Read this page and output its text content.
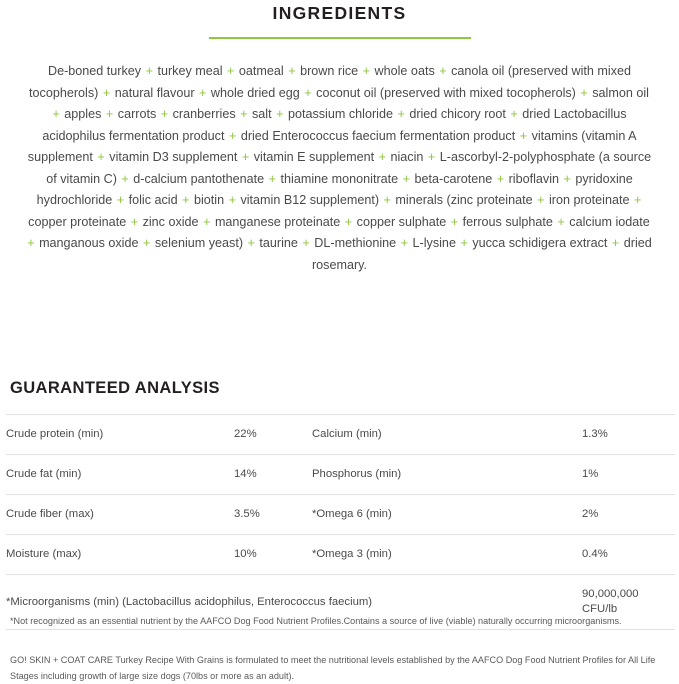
INGREDIENTS

De-boned turkey + turkey meal + oatmeal + brown rice + whole oats + canola oil (preserved with mixed tocopherols) + natural flavour + whole dried egg + coconut oil (preserved with mixed tocopherols) + salmon oil + apples + carrots + cranberries + salt + potassium chloride + dried chicory root + dried Lactobacillus acidophilus fermentation product + dried Enterococcus faecium fermentation product + vitamins (vitamin A supplement + vitamin D3 supplement + vitamin E supplement + niacin + L-ascorbyl-2-polyphosphate (a source of vitamin C) + d-calcium pantothenate + thiamine mononitrate + beta-carotene + riboflavin + pyridoxine hydrochloride + folic acid + biotin + vitamin B12 supplement) + minerals (zinc proteinate + iron proteinate + copper proteinate + zinc oxide + manganese proteinate + copper sulphate + ferrous sulphate + calcium iodate + manganous oxide + selenium yeast) + taurine + DL-methionine + L-lysine + yucca schidigera extract + dried rosemary.

GUARANTEED ANALYSIS
Crude protein (min)	22%	Calcium (min)	1.3%
Crude fat (min)	14%	Phosphorus (min)	1%
Crude fiber (max)	3.5%	*Omega 6 (min)	2%
Moisture (max)	10%	*Omega 3 (min)	0.4%
*Microorganisms (min) (Lactobacillus acidophilus, Enterococcus faecium)			90,000,000 CFU/lb

*Not recognized as an essential nutrient by the AAFCO Dog Food Nutrient Profiles.Contains a source of live (viable) naturally occurring microorganisms.

GO! SKIN + COAT CARE Turkey Recipe With Grains is formulated to meet the nutritional levels established by the AAFCO Dog Food Nutrient Profiles for All Life Stages including growth of large size dogs (70lbs or more as an adult).
